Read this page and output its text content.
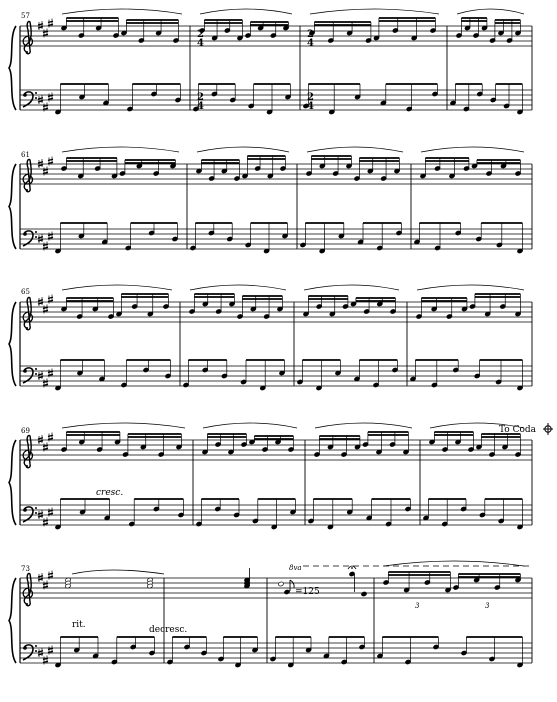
3	3
57
61
65
69
73
2
4
2
4
2
4
2
4
cresc.
rit.	decresc.
To Coda
8va
=125
